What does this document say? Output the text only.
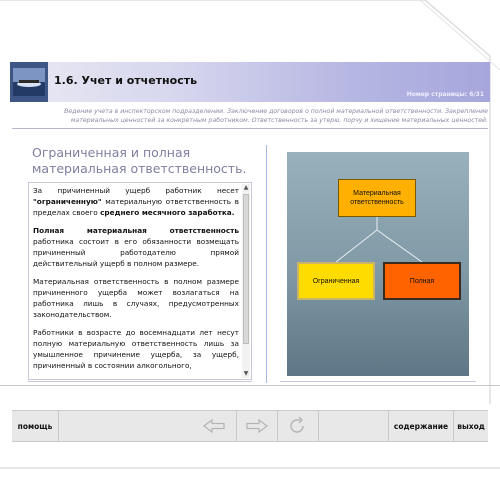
1.6. Учет и отчетность
Номер страницы: 6/31
Ведение учета в инспекторском подразделении. Заключение договоров о полной материальной ответственности. Закрепление материальных ценностей за конкретным работником. Ответственность за утерю, порчу и хищение материальных ценностей.
Ограниченная и полная материальная ответственность.

За причиненный ущерб работник несет "ограниченную" материальную ответственность в пределах своего среднего месячного заработка.

Полная материальная ответственность работника состоит в его обязанности возмещать причиненный работодателю прямой действительный ущерб в полном размере.

Материальная ответственность в полном размере причиненного ущерба может возлагаться на работника лишь в случаях, предусмотренных законодательством.

Работники в возрасте до восемнадцати лет несут полную материальную ответственность лишь за умышленное причинение ущерба, за ущерб, причиненный в состоянии алкогольного,

▲
▼
Материальная ответственность
Ограниченная	Полная
помощь	содержание	выход
